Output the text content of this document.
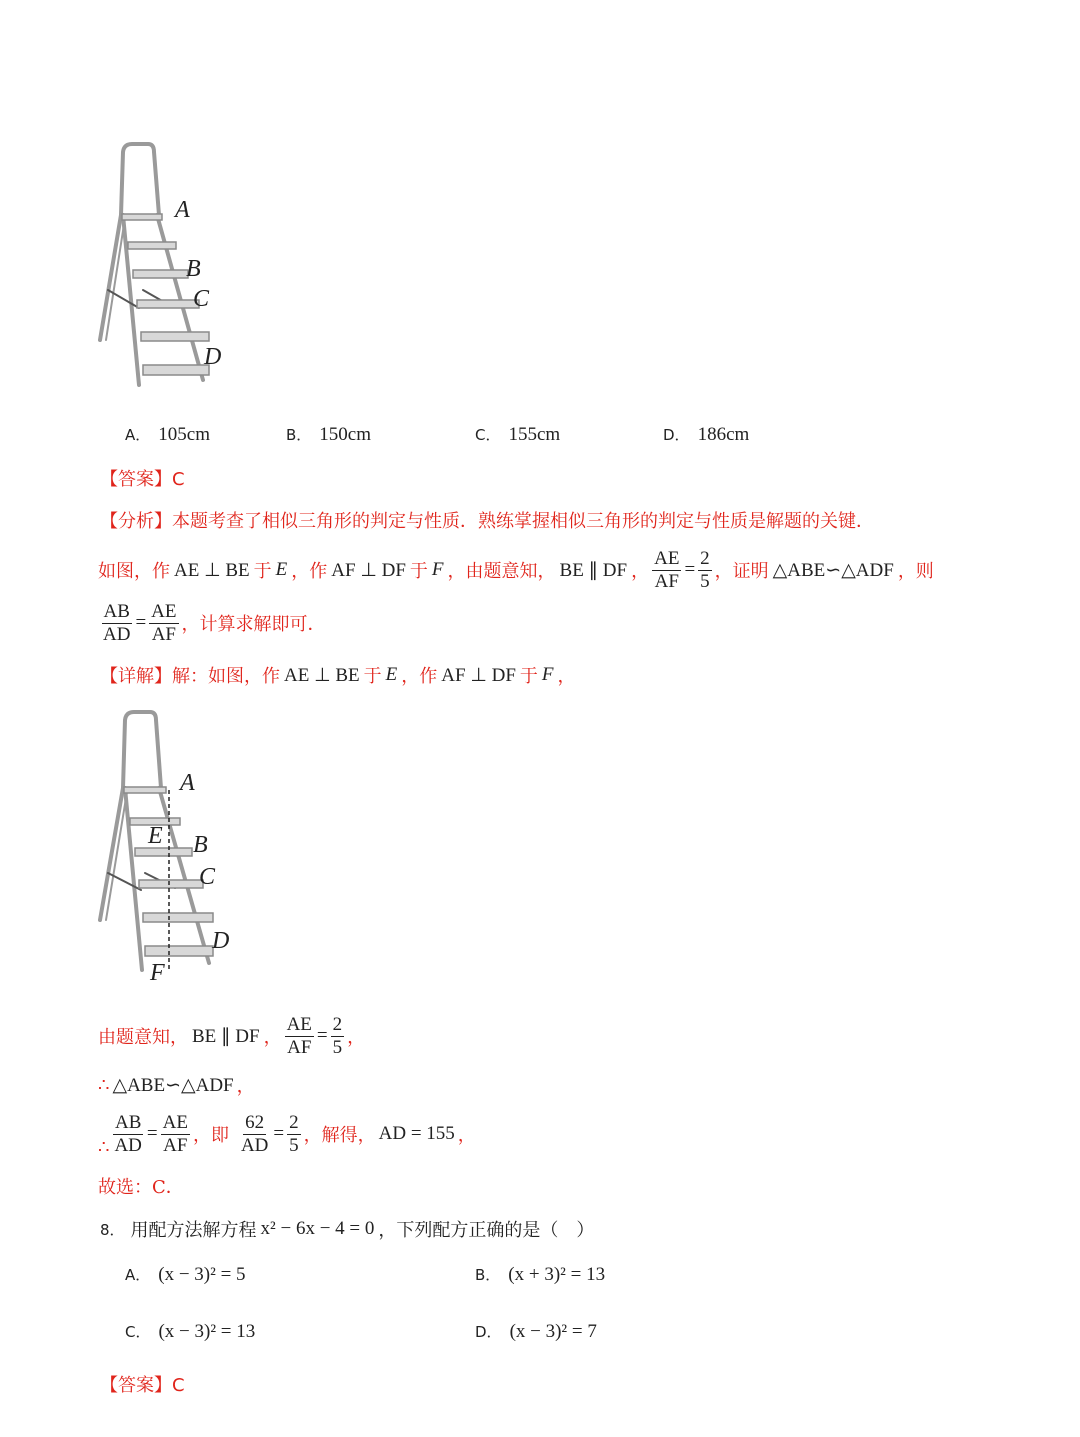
A
B
C
D
A． 105cm	B． 150cm	C． 155cm	D． 186cm
【答案】C
【分析】本题考查了相似三角形的判定与性质．熟练掌握相似三角形的判定与性质是解题的关键．
如图，作 AE ⊥ BE 于 E ，作 AF ⊥ DF 于 F ，由题意知， BE ∥ DF ， $\frac{AE}{AF} = \frac{2}{5}$ ，证明 △ABE∽△ADF ，则
$\frac{AB}{AD} = \frac{AE}{AF}$ ，计算求解即可．
【详解】 解：如图，作 AE ⊥ BE 于 E ，作 AF ⊥ DF 于 F ，
A
E B
C
D
F
由题意知， BE ∥ DF ， $\frac{AE}{AF} = \frac{2}{5}$ ，
∴ △ABE∽△ADF ，
∴ $\frac{AB}{AD} = \frac{AE}{AF}$ ，即 $\frac{62}{AD} = \frac{2}{5}$ ，解得， AD = 155 ，
故选：C．
8． 用配方法解方程 x² − 6x − 4 = 0 ，下列配方正确的是（　）
A． (x − 3)² = 5	B． (x + 3)² = 13
C． (x − 3)² = 13	D． (x − 3)² = 7
【答案】C
